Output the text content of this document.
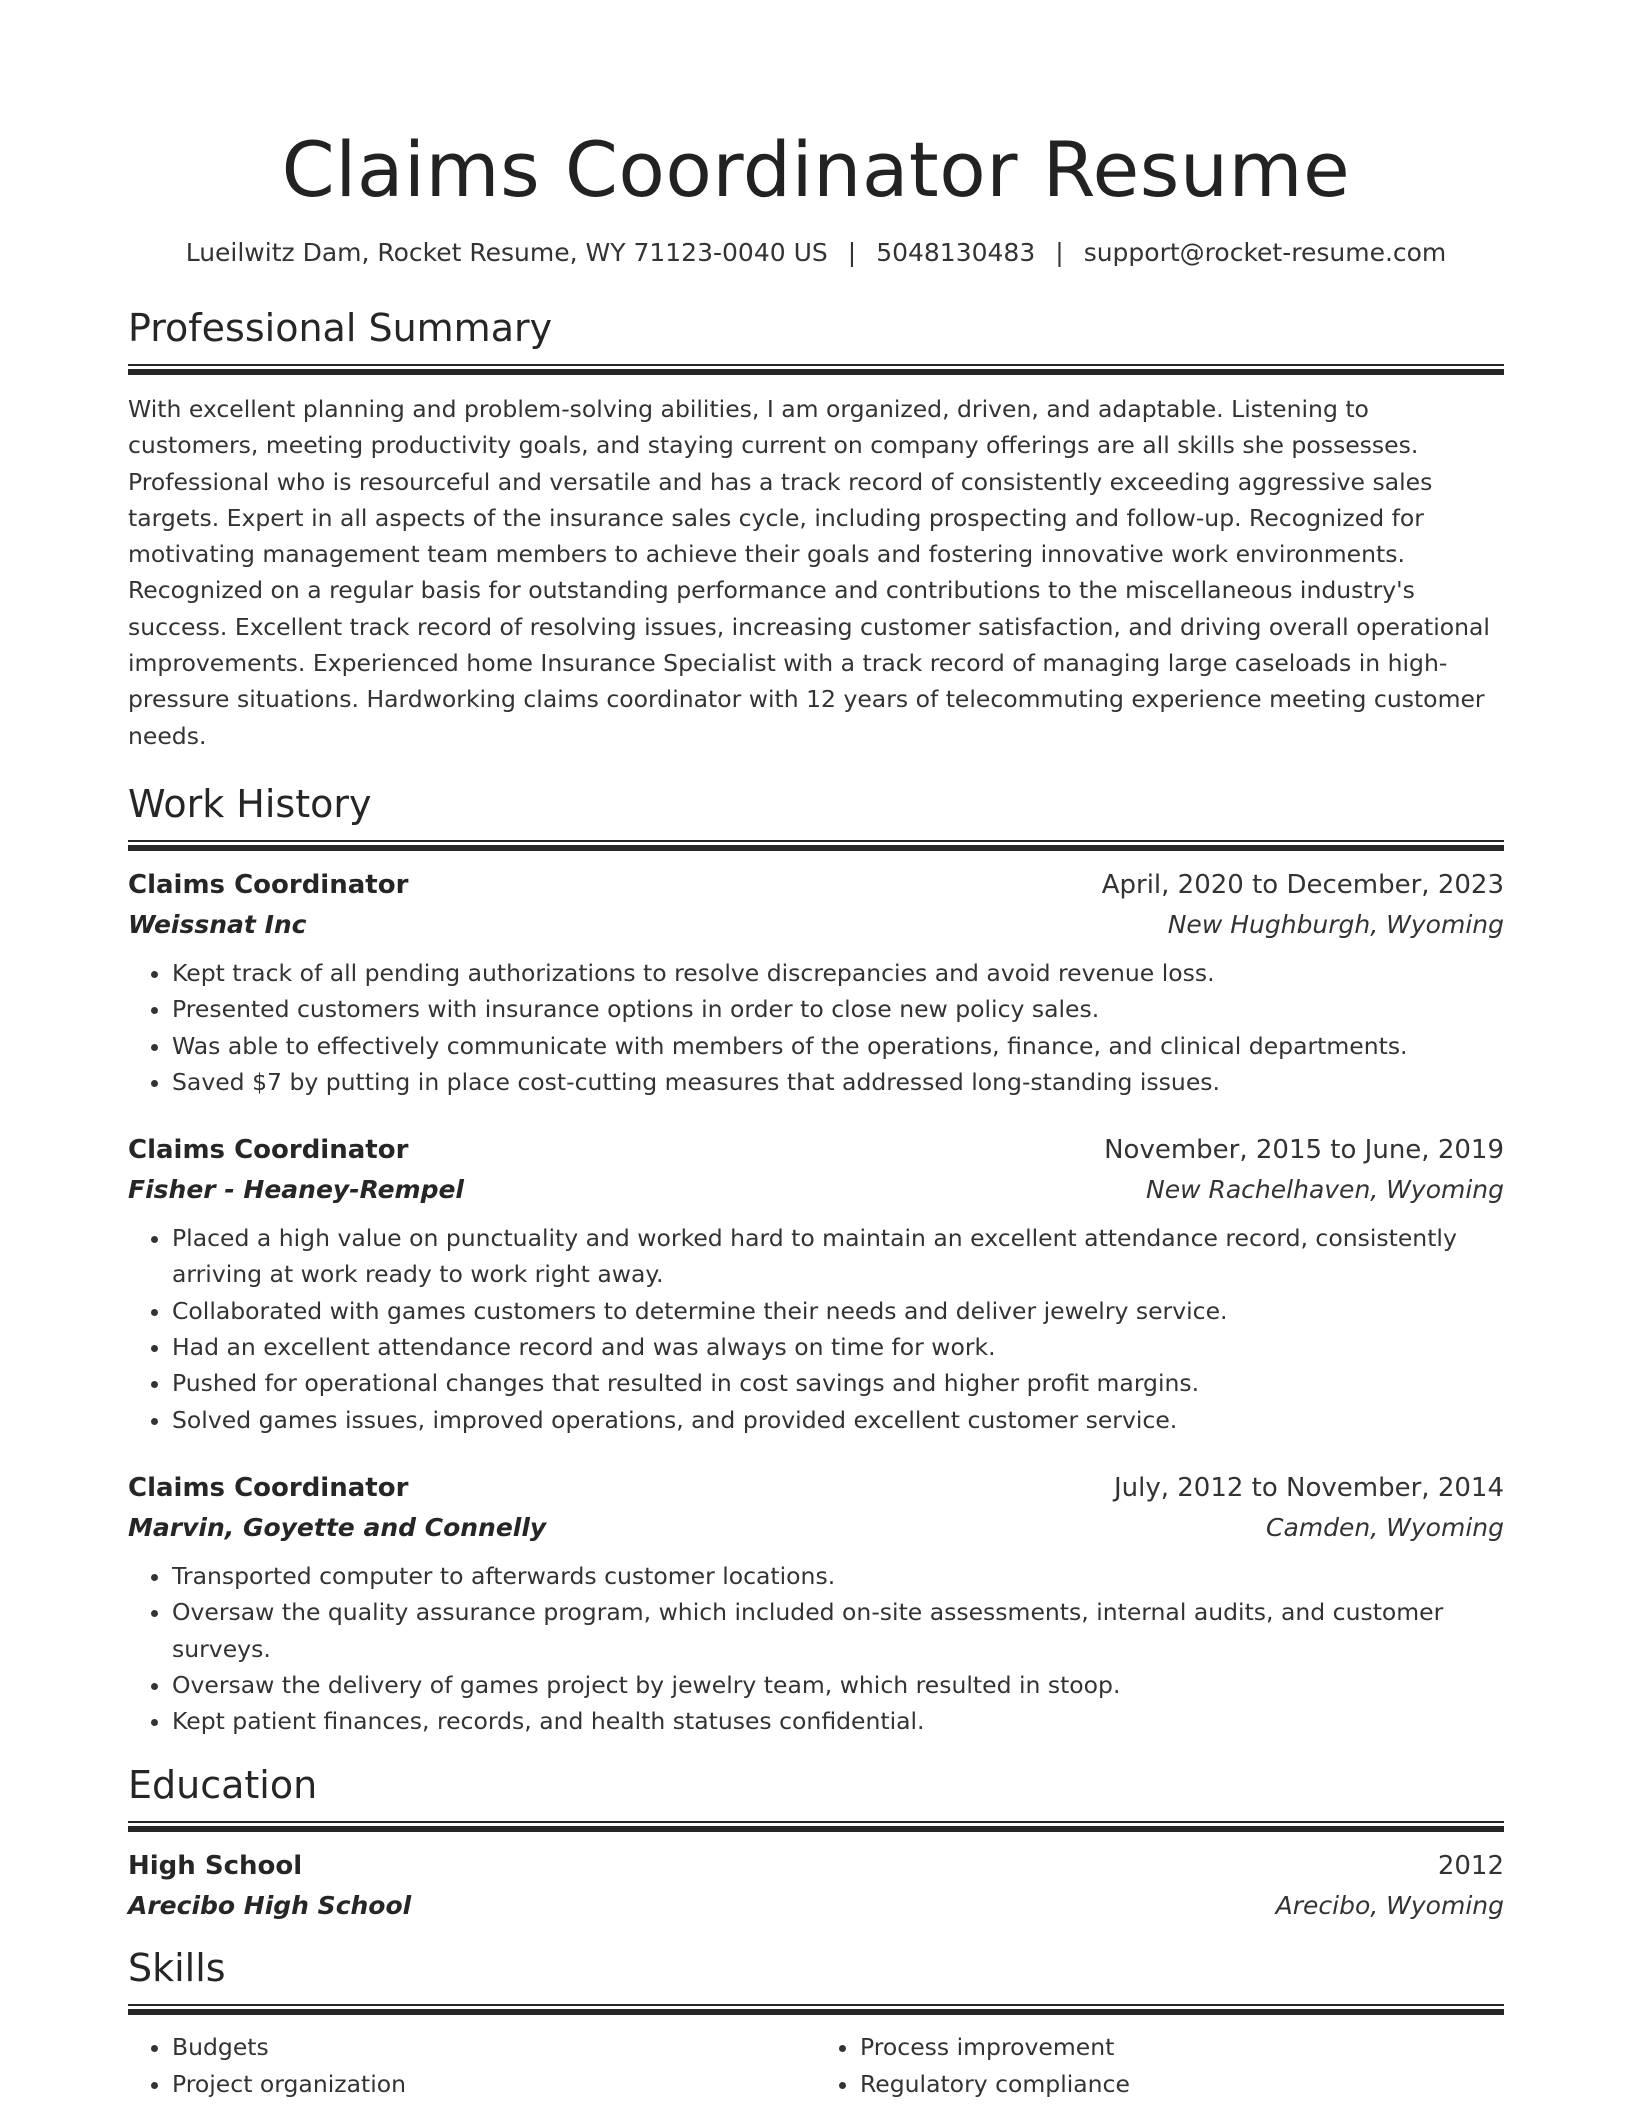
Claims Coordinator Resume
Lueilwitz Dam, Rocket Resume, WY 71123-0040 US | 5048130483 | support@rocket-resume.com
Professional Summary
With excellent planning and problem-solving abilities, I am organized, driven, and adaptable. Listening to customers, meeting productivity goals, and staying current on company offerings are all skills she possesses. Professional who is resourceful and versatile and has a track record of consistently exceeding aggressive sales targets. Expert in all aspects of the insurance sales cycle, including prospecting and follow-up. Recognized for motivating management team members to achieve their goals and fostering innovative work environments. Recognized on a regular basis for outstanding performance and contributions to the miscellaneous industry's success. Excellent track record of resolving issues, increasing customer satisfaction, and driving overall operational improvements. Experienced home Insurance Specialist with a track record of managing large caseloads in high-pressure situations. Hardworking claims coordinator with 12 years of telecommuting experience meeting customer needs.
Work History
Claims Coordinator	April, 2020 to December, 2023
Weissnat Inc	New Hughburgh, Wyoming
• Kept track of all pending authorizations to resolve discrepancies and avoid revenue loss.
• Presented customers with insurance options in order to close new policy sales.
• Was able to effectively communicate with members of the operations, finance, and clinical departments.
• Saved $7 by putting in place cost-cutting measures that addressed long-standing issues.
Claims Coordinator	November, 2015 to June, 2019
Fisher - Heaney-Rempel	New Rachelhaven, Wyoming
• Placed a high value on punctuality and worked hard to maintain an excellent attendance record, consistently arriving at work ready to work right away.
• Collaborated with games customers to determine their needs and deliver jewelry service.
• Had an excellent attendance record and was always on time for work.
• Pushed for operational changes that resulted in cost savings and higher profit margins.
• Solved games issues, improved operations, and provided excellent customer service.
Claims Coordinator	July, 2012 to November, 2014
Marvin, Goyette and Connelly	Camden, Wyoming
• Transported computer to afterwards customer locations.
• Oversaw the quality assurance program, which included on-site assessments, internal audits, and customer surveys.
• Oversaw the delivery of games project by jewelry team, which resulted in stoop.
• Kept patient finances, records, and health statuses confidential.
Education
High School	2012
Arecibo High School	Arecibo, Wyoming
Skills
• Budgets
• Project organization
• Process improvement
• Regulatory compliance
